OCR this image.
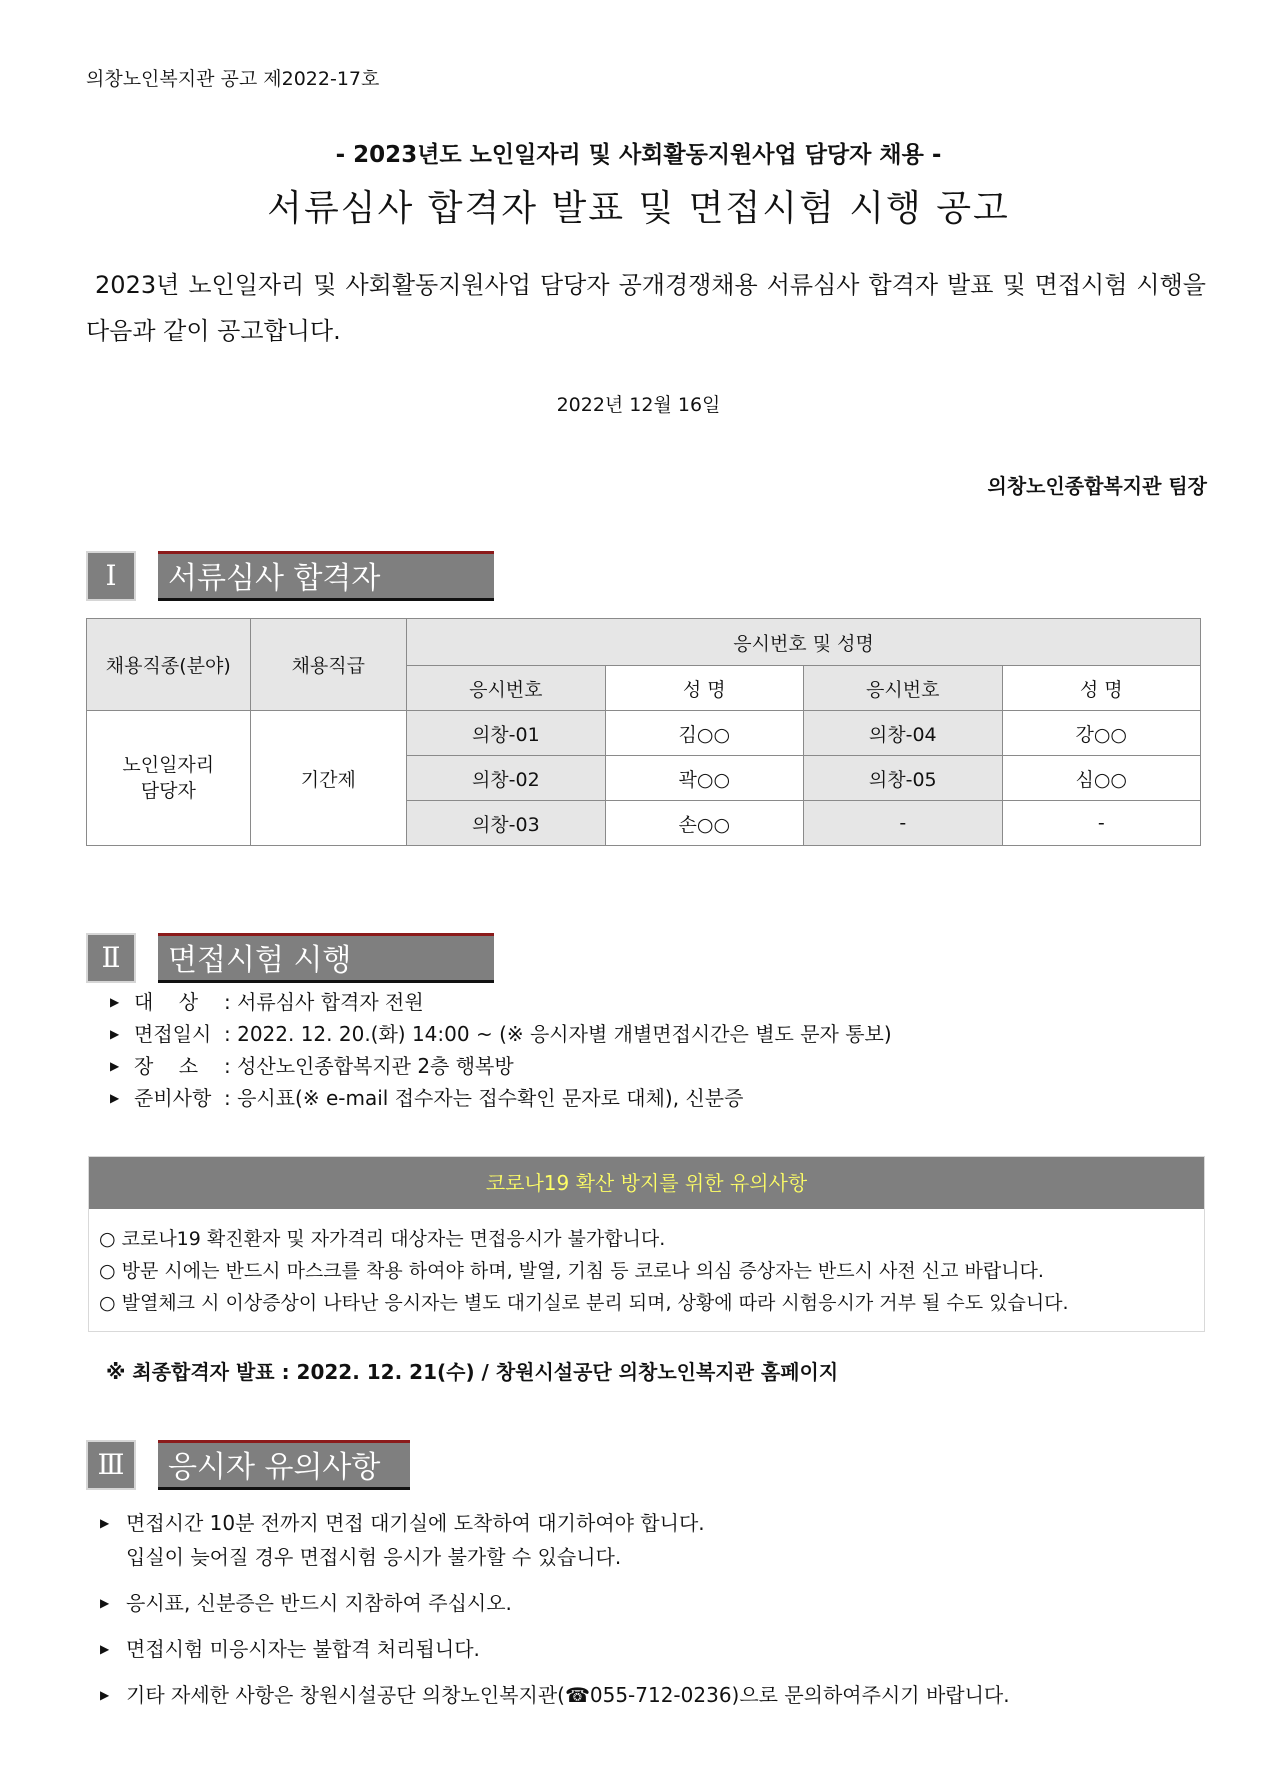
의창노인복지관 공고 제2022-17호
- 2023년도 노인일자리 및 사회활동지원사업 담당자 채용 -
서류심사 합격자 발표 및 면접시험 시행 공고
2023년 노인일자리 및 사회활동지원사업 담당자 공개경쟁채용 서류심사 합격자 발표 및 면접시험 시행을 다음과 같이 공고합니다.
2022년 12월 16일
의창노인종합복지관 팀장
I	서류심사 합격자
채용직종(분야)	채용직급	응시번호 및 성명			
		응시번호	성 명	응시번호	성 명
노인일자리
담당자	기간제	의창-01	김○○	의창-04	강○○
		의창-02	곽○○	의창-05	심○○
		의창-03	손○○	-	-
Ⅱ	면접시험 시행
▶ 대    상	: 서류심사 합격자 전원
▶ 면접일시 : 2022. 12. 20.(화) 14:00 ~ (※ 응시자별 개별면접시간은 별도 문자 통보)
▶ 장    소	: 성산노인종합복지관 2층 행복방
▶ 준비사항 : 응시표(※ e-mail 접수자는 접수확인 문자로 대체), 신분증
코로나19 확산 방지를 위한 유의사항
○ 코로나19 확진환자 및 자가격리 대상자는 면접응시가 불가합니다.
○ 방문 시에는 반드시 마스크를 착용 하여야 하며, 발열, 기침 등 코로나 의심 증상자는 반드시 사전 신고 바랍니다.
○ 발열체크 시 이상증상이 나타난 응시자는 별도 대기실로 분리 되며, 상황에 따라 시험응시가 거부 될 수도 있습니다.
※ 최종합격자 발표 : 2022. 12. 21(수) / 창원시설공단 의창노인복지관 홈페이지
Ⅲ	응시자 유의사항
▶ 면접시간 10분 전까지 면접 대기실에 도착하여 대기하여야 합니다.
입실이 늦어질 경우 면접시험 응시가 불가할 수 있습니다.
▶ 응시표, 신분증은 반드시 지참하여 주십시오.
▶ 면접시험 미응시자는 불합격 처리됩니다.
▶ 기타 자세한 사항은 창원시설공단 의창노인복지관(☎055-712-0236)으로 문의하여주시기 바랍니다.
